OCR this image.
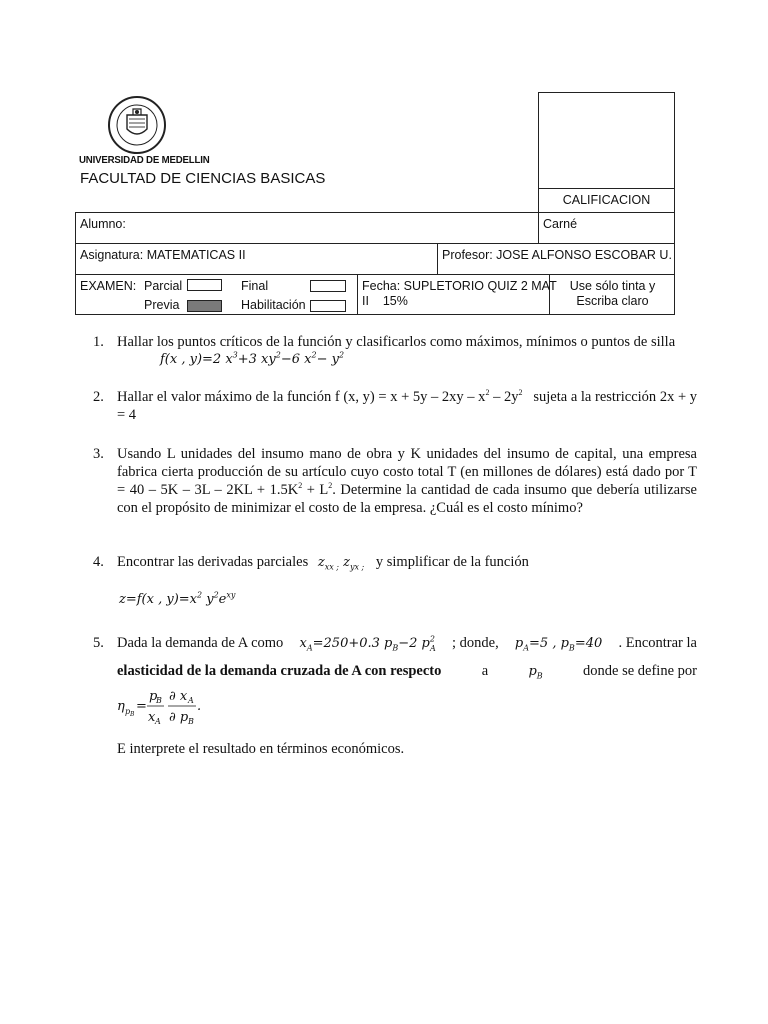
UNIVERSIDAD DE MEDELLIN
FACULTAD DE CIENCIAS BASICAS
CALIFICACION
Alumno:	Carné
Asignatura: MATEMATICAS II	Profesor: JOSE ALFONSO ESCOBAR U.
EXAMEN: Parcial	Final
Previa	Habilitación
Fecha: SUPLETORIO QUIZ 2 MAT
II    15%
Use sólo tinta y
Escriba claro
1. Hallar los puntos críticos de la función y clasificarlos como máximos, mínimos o puntos de silla
f(x , y)=2 $x^3+3$ $xy^2-6$ $x^2- y^2$
2. Hallar el valor máximo de la función f (x, $y) = x + 5y - 2xy - x^2 - 2y^2$   sujeta a la restricción 2x + y = 4
3. Usando L unidades del insumo mano de obra y K unidades del insumo de capital, una empresa fabrica cierta producción de su artículo cuyo costo total T (en millones de dólares) está dado por $T = 40 - 5K - 3L - 2KL + 1.5K^2 + L^2$. Determine la cantidad de cada insumo que debería utilizarse con el propósito de minimizar el costo de la empresa. ¿Cuál es el costo mínimo?
4. Encontrar las derivadas parciales $z_{xx ;}$ $z_{yx ;}$ y simplificar de la función
z=f(x , $y)=x^2$ $y^2e^{xy}$
5. Dada la demanda de A como $x_A=250+0.3$ $p_B-2$ $p^2_A$ ; donde, $p_A=5$ , $p_B=40$ . Encontrar la
elasticidad de la demanda cruzada de A con respecto	a	$p_B$	donde se define por
η p B
=
p
B
x A
∂ x A
∂ p B
.
E interprete el resultado en términos económicos.
